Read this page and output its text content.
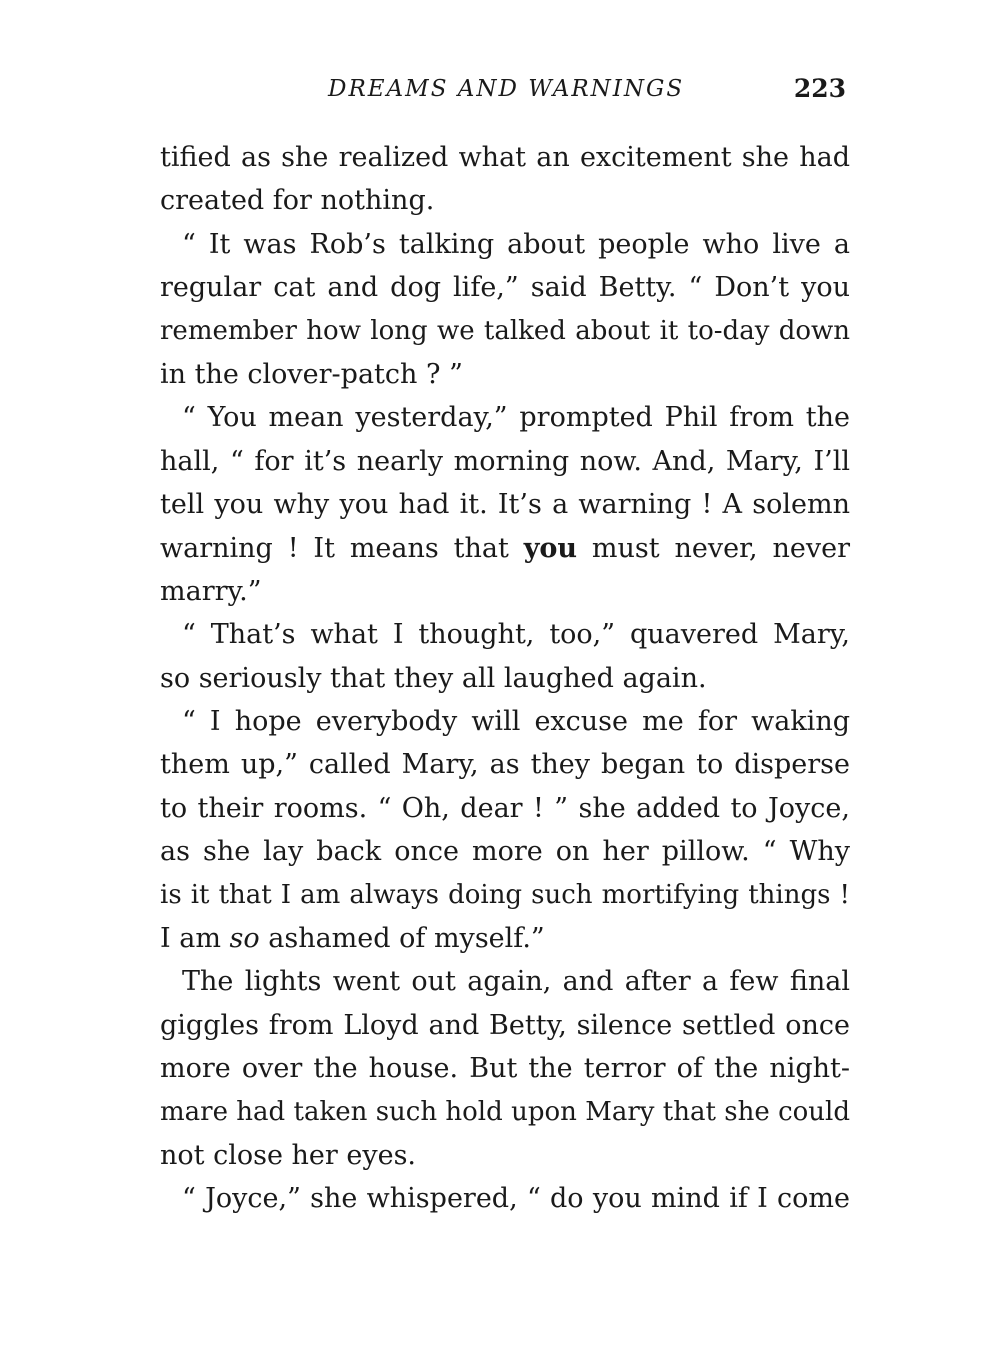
DREAMS AND WARNINGS	223
tified as she realized what an excitement she had
created for nothing.
“ It was Rob’s talking about people who live a
regular cat and dog life,” said Betty. “ Don’t you
remember how long we talked about it to-day down
in the clover-patch ? ”
“ You mean yesterday,” prompted Phil from the
hall, “ for it’s nearly morning now. And, Mary, I’ll
tell you why you had it. It’s a warning ! A solemn
warning ! It means that you must never, never
marry.”
“ That’s what I thought, too,” quavered Mary,
so seriously that they all laughed again.
“ I hope everybody will excuse me for waking
them up,” called Mary, as they began to disperse
to their rooms. “ Oh, dear ! ” she added to Joyce,
as she lay back once more on her pillow. “ Why
is it that I am always doing such mortifying things !
I am so ashamed of myself.”
The lights went out again, and after a few final
giggles from Lloyd and Betty, silence settled once
more over the house. But the terror of the night-
mare had taken such hold upon Mary that she could
not close her eyes.
“ Joyce,” she whispered, “ do you mind if I come
